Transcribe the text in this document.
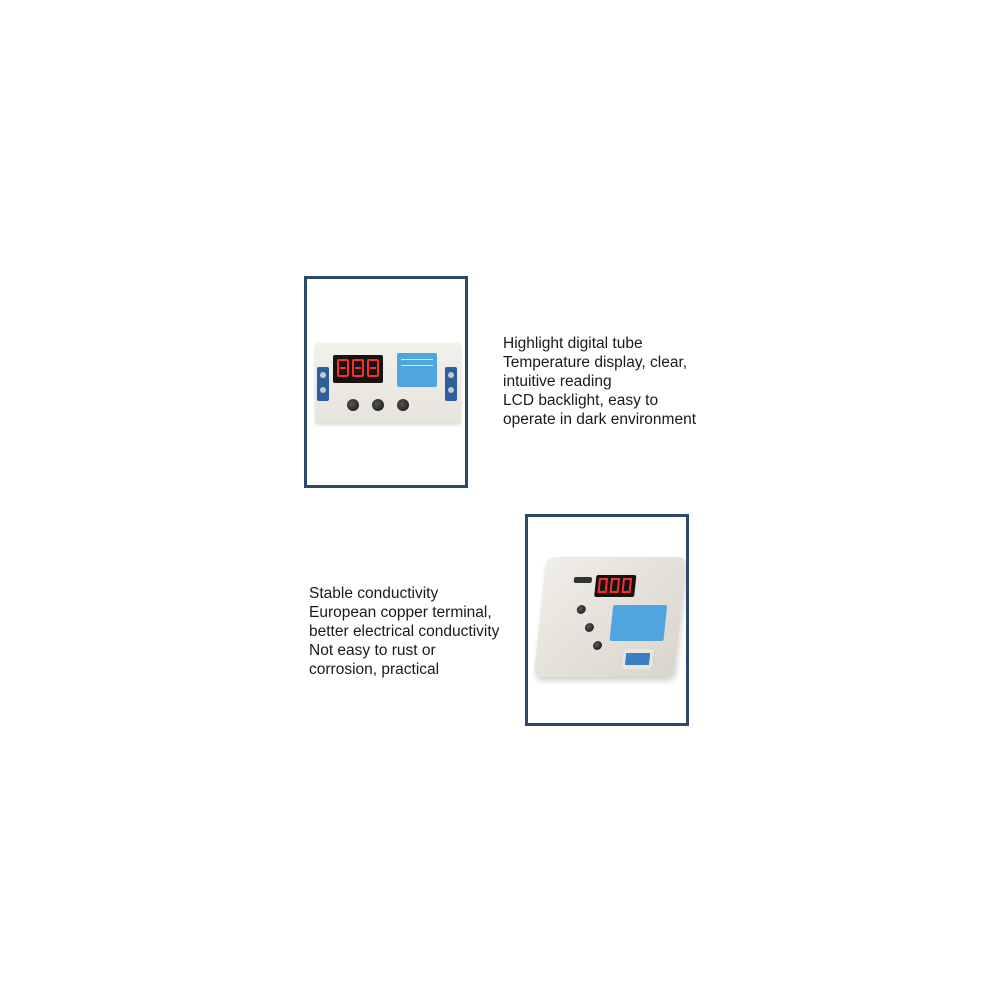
Highlight digital tube
Temperature display, clear,
intuitive reading
LCD backlight, easy to
operate in dark environment
Stable conductivity
European copper terminal,
better electrical conductivity
Not easy to rust or
corrosion, practical
